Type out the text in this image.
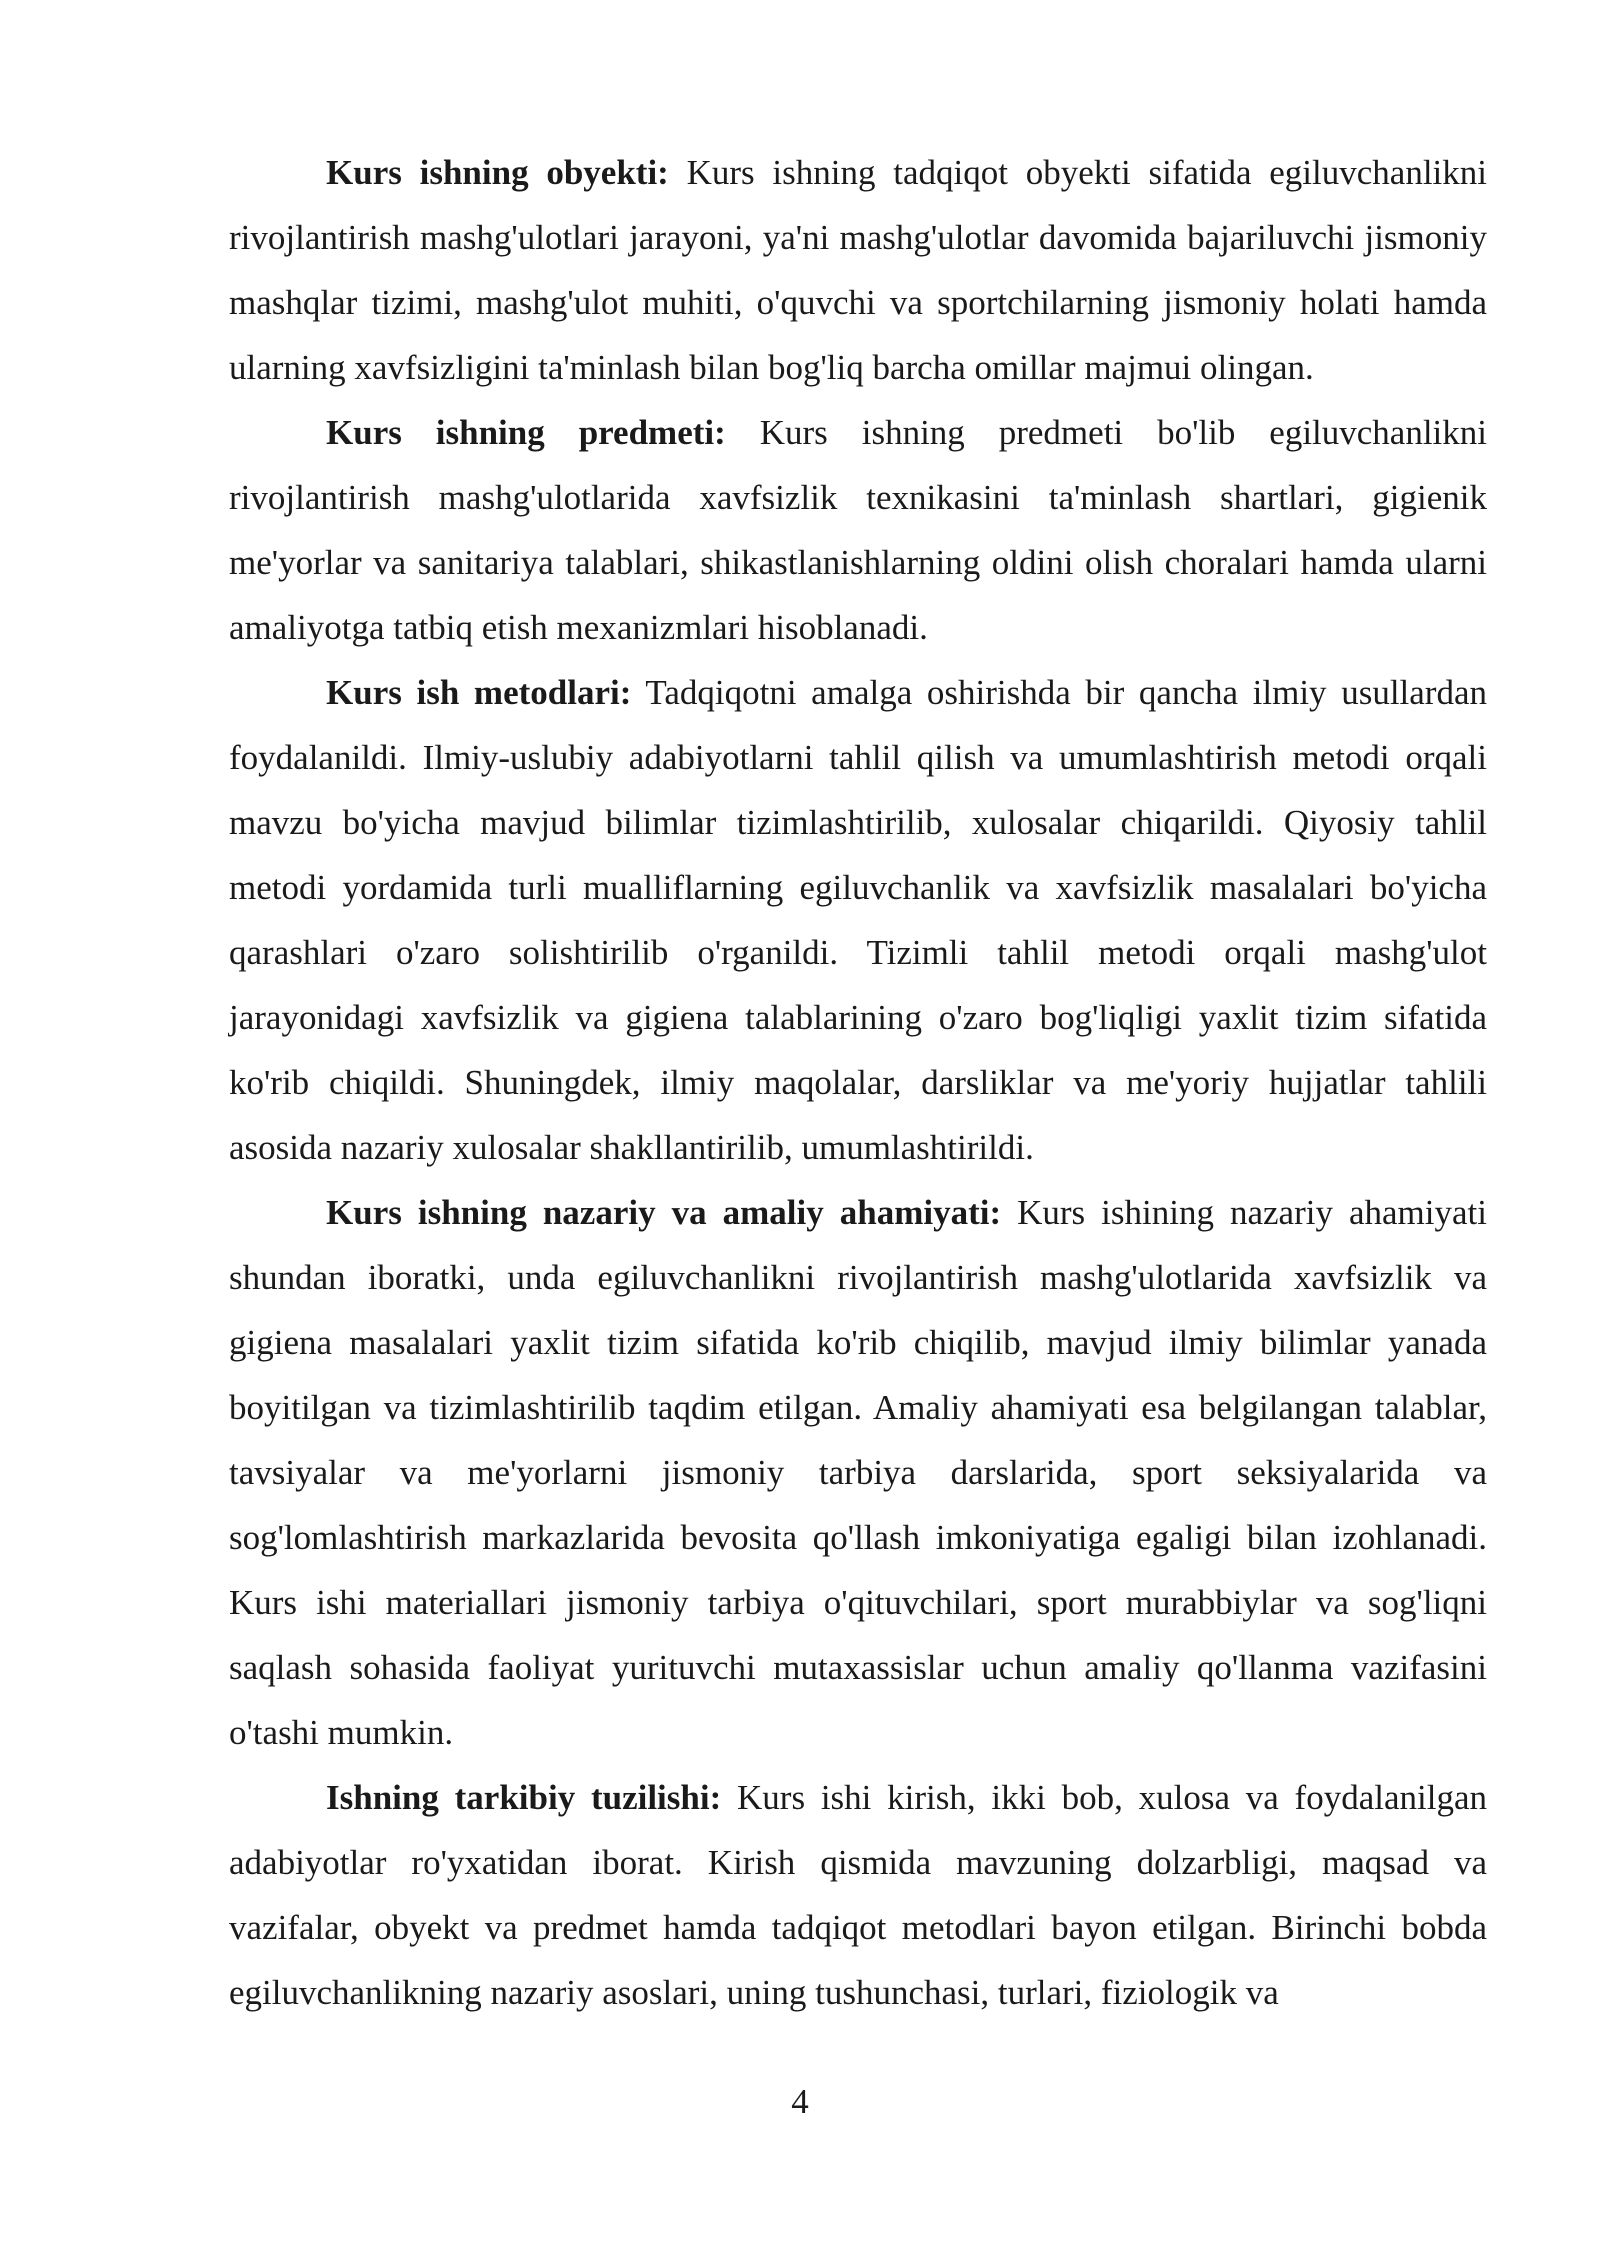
Kurs ishning obyekti: Kurs ishning tadqiqot obyekti sifatida egiluvchanlikni rivojlantirish mashg'ulotlari jarayoni, ya'ni mashg'ulotlar davomida bajariluvchi jismoniy mashqlar tizimi, mashg'ulot muhiti, o'quvchi va sportchilarning jismoniy holati hamda ularning xavfsizligini ta'minlash bilan bog'liq barcha omillar majmui olingan.

Kurs ishning predmeti: Kurs ishning predmeti bo'lib egiluvchanlikni rivojlantirish mashg'ulotlarida xavfsizlik texnikasini ta'minlash shartlari, gigienik me'yorlar va sanitariya talablari, shikastlanishlarning oldini olish choralari hamda ularni amaliyotga tatbiq etish mexanizmlari hisoblanadi.

Kurs ish metodlari: Tadqiqotni amalga oshirishda bir qancha ilmiy usullardan foydalanildi. Ilmiy-uslubiy adabiyotlarni tahlil qilish va umumlashtirish metodi orqali mavzu bo'yicha mavjud bilimlar tizimlashtirilib, xulosalar chiqarildi. Qiyosiy tahlil metodi yordamida turli mualliflarning egiluvchanlik va xavfsizlik masalalari bo'yicha qarashlari o'zaro solishtirilib o'rganildi. Tizimli tahlil metodi orqali mashg'ulot jarayonidagi xavfsizlik va gigiena talablarining o'zaro bog'liqligi yaxlit tizim sifatida ko'rib chiqildi. Shuningdek, ilmiy maqolalar, darsliklar va me'yoriy hujjatlar tahlili asosida nazariy xulosalar shakllantirilib, umumlashtirildi.

Kurs ishning nazariy va amaliy ahamiyati: Kurs ishining nazariy ahamiyati shundan iboratki, unda egiluvchanlikni rivojlantirish mashg'ulotlarida xavfsizlik va gigiena masalalari yaxlit tizim sifatida ko'rib chiqilib, mavjud ilmiy bilimlar yanada boyitilgan va tizimlashtirilib taqdim etilgan. Amaliy ahamiyati esa belgilangan talablar, tavsiyalar va me'yorlarni jismoniy tarbiya darslarida, sport seksiyalarida va sog'lomlashtirish markazlarida bevosita qo'llash imkoniyatiga egaligi bilan izohlanadi. Kurs ishi materiallari jismoniy tarbiya o'qituvchilari, sport murabbiylar va sog'liqni saqlash sohasida faoliyat yurituvchi mutaxassislar uchun amaliy qo'llanma vazifasini o'tashi mumkin.

Ishning tarkibiy tuzilishi: Kurs ishi kirish, ikki bob, xulosa va foydalanilgan adabiyotlar ro'yxatidan iborat. Kirish qismida mavzuning dolzarbligi, maqsad va vazifalar, obyekt va predmet hamda tadqiqot metodlari bayon etilgan. Birinchi bobda egiluvchanlikning nazariy asoslari, uning tushunchasi, turlari, fiziologik va

4
